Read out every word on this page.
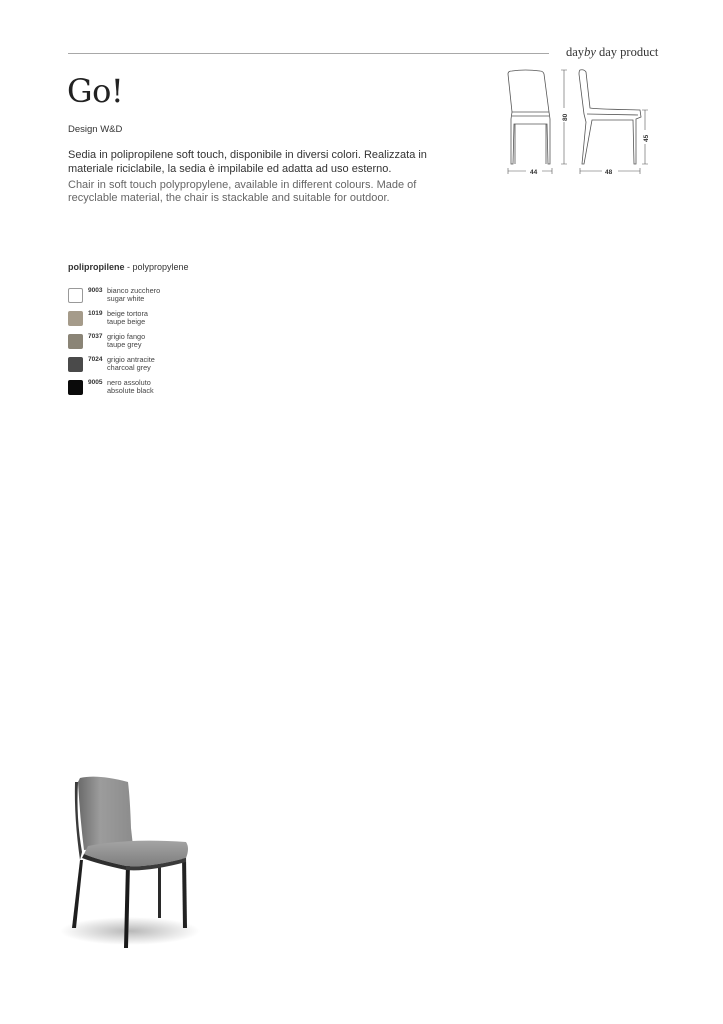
dayby day product
Go!
Design W&D
Sedia in polipropilene soft touch, disponibile in diversi colori. Realizzata in materiale riciclabile, la sedia è impilabile ed adatta ad uso esterno.
Chair in soft touch polypropylene, available in different colours. Made of recyclable material, the chair is stackable and suitable for outdoor.
44
80
48
45
polipropilene - polypropylene
9003 bianco zucchero
sugar white
1019 beige tortora
taupe beige
7037 grigio fango
taupe grey
7024 grigio antracite
charcoal grey
9005 nero assoluto
absolute black
